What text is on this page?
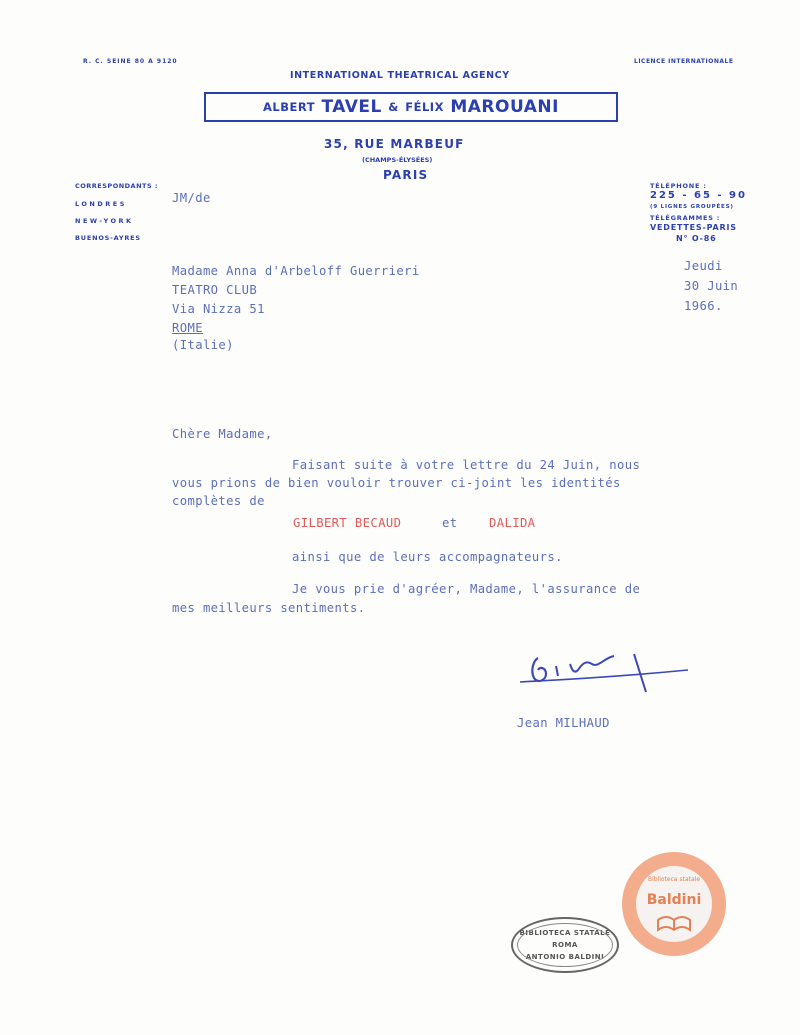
R. C. SEINE 80 A 9120	LICENCE INTERNATIONALE
INTERNATIONAL THEATRICAL AGENCY
ALBERT
TAVEL
&
FÉLIX
MAROUANI
35, RUE MARBEUF
(CHAMPS-ÉLYSÉES)
PARIS
CORRESPONDANTS :
LONDRES
NEW-YORK
BUENOS-AYRES
TÉLÉPHONE :
225 - 65 - 90
(9 LIGNES GROUPÉES)
TÉLÉGRAMMES :
VEDETTES-PARIS
N° O-86
JM/de
Jeudi
30 Juin
1966.
Madame Anna d'Arbeloff Guerrieri
TEATRO CLUB
Via Nizza 51
ROME
(Italie)
Chère Madame,
Faisant suite à votre lettre du 24 Juin, nous
vous prions de bien vouloir trouver ci-joint les identités
complètes de
GILBERT BECAUD	et	DALIDA
ainsi que de leurs accompagnateurs.
Je vous prie d'agréer, Madame, l'assurance de
mes meilleurs sentiments.
Jean MILHAUD
BIBLIOTECA STATALE
ROMA
ANTONIO BALDINI
Biblioteca statale
Baldini
